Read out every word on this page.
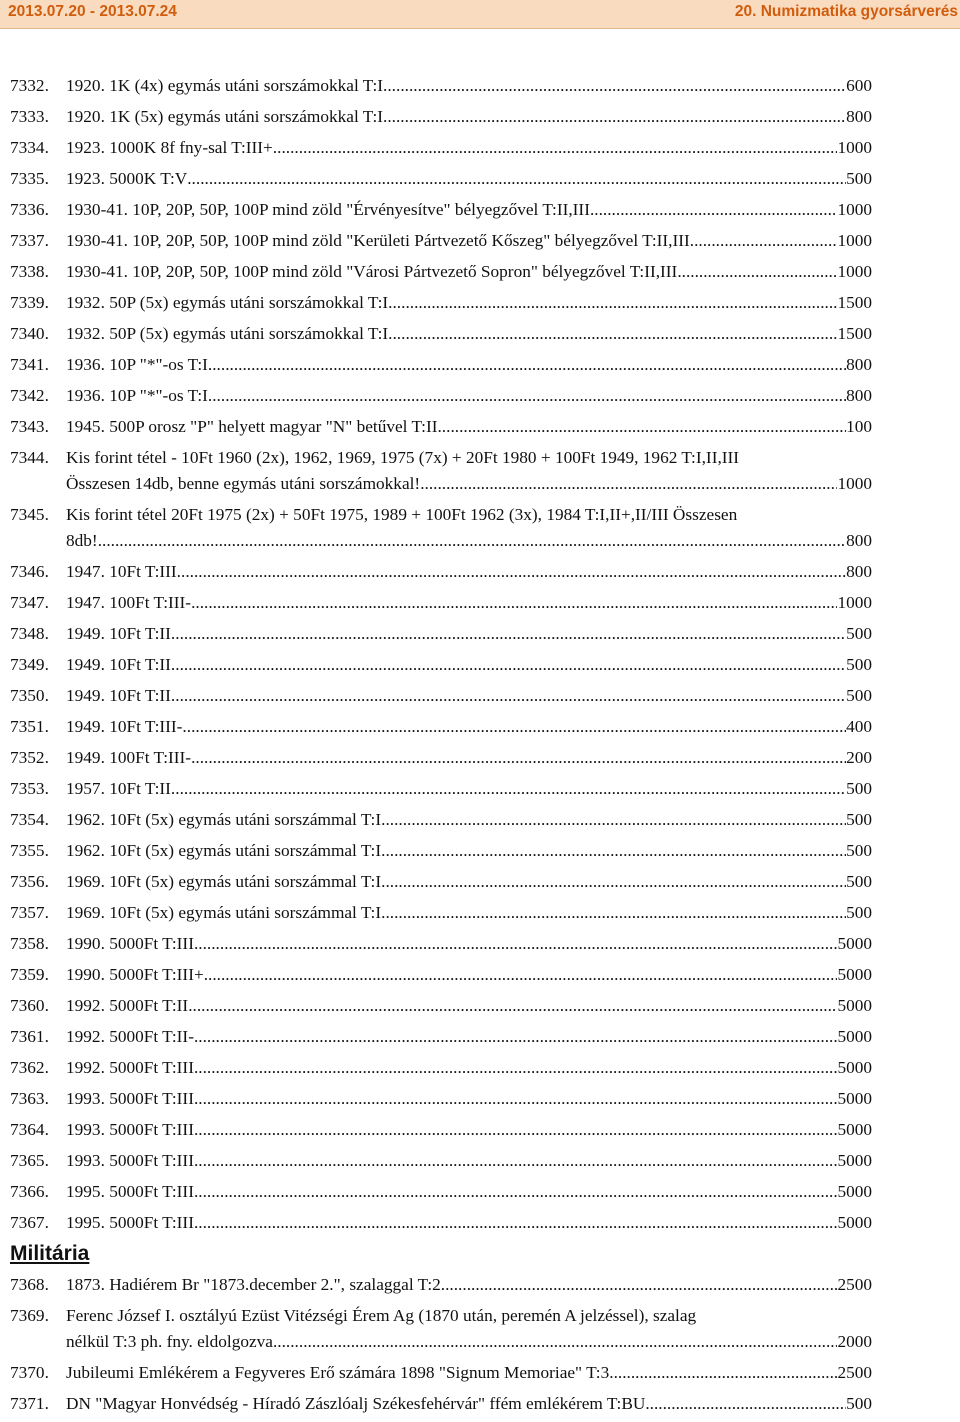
2013.07.20 - 2013.07.24	20. Numizmatika gyorsárverés
7332. 1920. 1K (4x) egymás utáni sorszámokkal T:I .....	600
7333. 1920. 1K (5x) egymás utáni sorszámokkal T:I. .....	800
7334. 1923. 1000K 8f fny-sal T:III+ .....	1000
7335. 1923. 5000K T:V .....	500
7336. 1930-41. 10P, 20P, 50P, 100P mind zöld "Érvényesítve" bélyegzővel T:II,III .....	1000
7337. 1930-41. 10P, 20P, 50P, 100P mind zöld "Kerületi Pártvezető Kőszeg" bélyegzővel T:II,III .....	1000
7338. 1930-41. 10P, 20P, 50P, 100P mind zöld "Városi Pártvezető Sopron" bélyegzővel T:II,III .....	1000
7339. 1932. 50P (5x) egymás utáni sorszámokkal T:I .....	1500
7340. 1932. 50P (5x) egymás utáni sorszámokkal T:I. .....	1500
7341. 1936. 10P "*"-os T:I .....	800
7342. 1936. 10P "*"-os T:I .....	800
7343. 1945. 500P orosz "P" helyett magyar "N" betűvel T:II .....	100
7344. Kis forint tétel - 10Ft 1960 (2x), 1962, 1969, 1975 (7x) + 20Ft 1980 + 100Ft 1949, 1962 T:I,II,III
Összesen 14db, benne egymás utáni sorszámokkal! .....	1000
7345. Kis forint tétel 20Ft 1975 (2x) + 50Ft 1975, 1989 + 100Ft 1962 (3x), 1984 T:I,II+,II/III Összesen
8db! .....	800
7346. 1947. 10Ft T:III .....	800
7347. 1947. 100Ft T:III- .....	1000
7348. 1949. 10Ft T:II .....	500
7349. 1949. 10Ft T:II .....	500
7350. 1949. 10Ft T:II .....	500
7351. 1949. 10Ft T:III- .....	400
7352. 1949. 100Ft T:III- .....	200
7353. 1957. 10Ft T:II .....	500
7354. 1962. 10Ft (5x) egymás utáni sorszámmal T:I .....	500
7355. 1962. 10Ft (5x) egymás utáni sorszámmal T:I .....	500
7356. 1969. 10Ft (5x) egymás utáni sorszámmal T:I .....	500
7357. 1969. 10Ft (5x) egymás utáni sorszámmal T:I .....	500
7358. 1990. 5000Ft T:III .....	5000
7359. 1990. 5000Ft T:III+ .....	5000
7360. 1992. 5000Ft T:II .....	5000
7361. 1992. 5000Ft T:II- .....	5000
7362. 1992. 5000Ft T:III .....	5000
7363. 1993. 5000Ft T:III .....	5000
7364. 1993. 5000Ft T:III .....	5000
7365. 1993. 5000Ft T:III .....	5000
7366. 1995. 5000Ft T:III .....	5000
7367. 1995. 5000Ft T:III .....	5000
Militária
7368. 1873. Hadiérem Br "1873.december 2.", szalaggal T:2. .....	2500
7369. Ferenc József I. osztályú Ezüst Vitézségi Érem Ag (1870 után, peremén A jelzéssel), szalag
nélkül T:3 ph. fny. eldolgozva .....	2000
7370. Jubileumi Emlékérem a Fegyveres Erő számára 1898 "Signum Memoriae" T:3. .....	2500
7371. DN "Magyar Honvédség - Híradó Zászlóalj Székesfehérvár" ffém emlékérem T:BU .....	500
